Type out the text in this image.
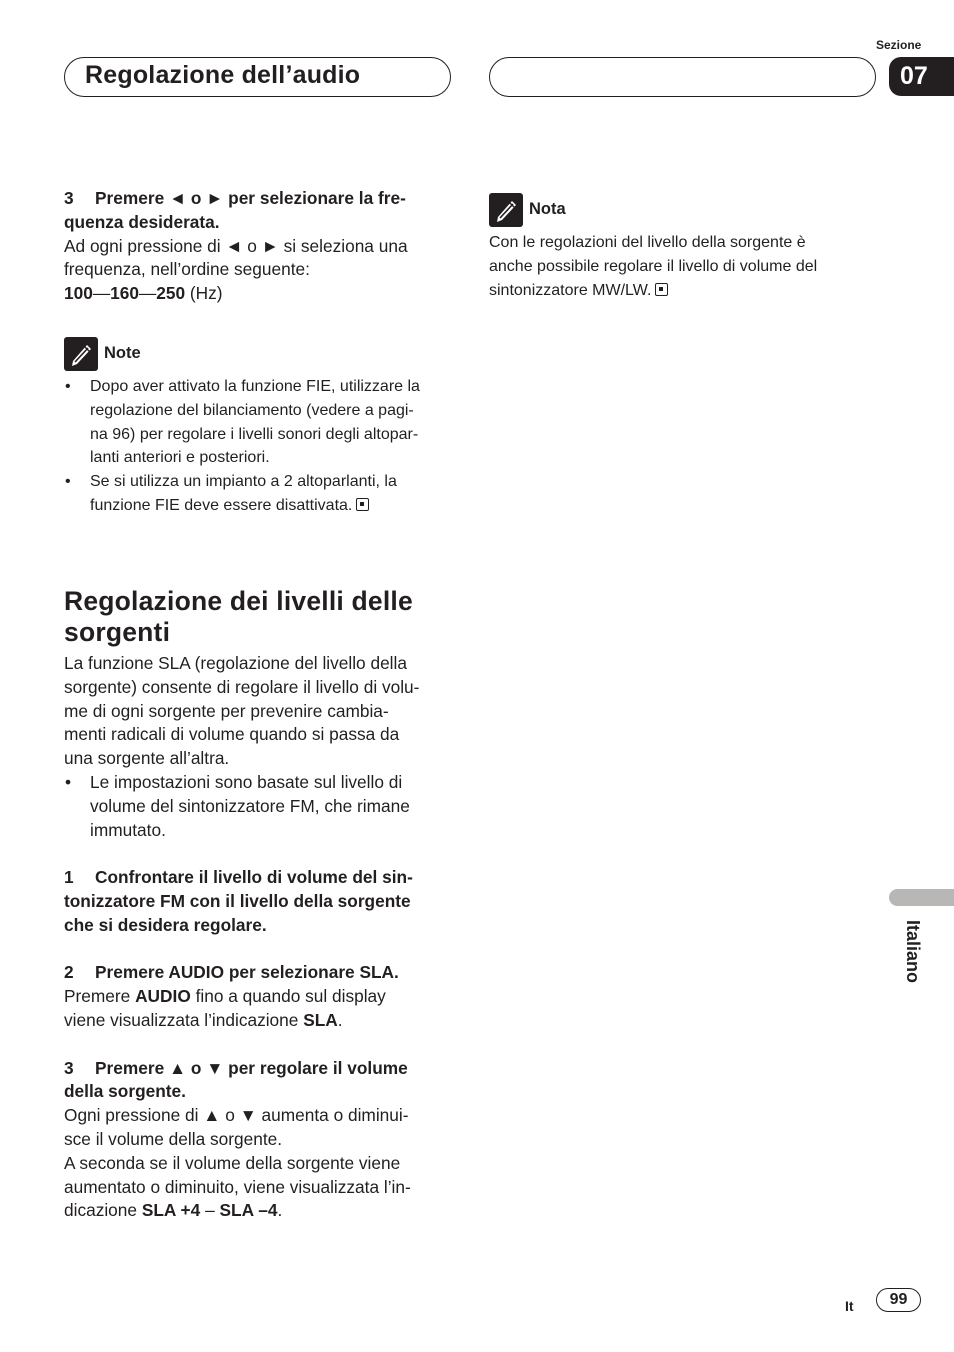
Regolazione dell’audio
Sezione
07

3 Premere ◄ o ► per selezionare la fre-
quenza desiderata.

Ad ogni pressione di ◄ o ► si seleziona una
frequenza, nell’ordine seguente:

100—160—250 (Hz)

Note
• Dopo aver attivato la funzione FIE, utilizzare la
regolazione del bilanciamento (vedere a pagi-
na 96) per regolare i livelli sonori degli altopar-
lanti anteriori e posteriori.
• Se si utilizza un impianto a 2 altoparlanti, la
funzione FIE deve essere disattivata.
Regolazione dei livelli delle
sorgenti

La funzione SLA (regolazione del livello della
sorgente) consente di regolare il livello di volu-
me di ogni sorgente per prevenire cambia-
menti radicali di volume quando si passa da
una sorgente all’altra.

• Le impostazioni sono basate sul livello di
volume del sintonizzatore FM, che rimane
immutato.

1 Confrontare il livello di volume del sin-
tonizzatore FM con il livello della sorgente
che si desidera regolare.

2 Premere AUDIO per selezionare SLA.

Premere AUDIO fino a quando sul display
viene visualizzata l’indicazione SLA.

3 Premere ▲ o ▼ per regolare il volume
della sorgente.

Ogni pressione di ▲ o ▼ aumenta o diminui-
sce il volume della sorgente.
A seconda se il volume della sorgente viene
aumentato o diminuito, viene visualizzata l’in-
dicazione SLA +4 – SLA –4.

Nota

Con le regolazioni del livello della sorgente è
anche possibile regolare il livello di volume del
sintonizzatore MW/LW.

Italiano
It	99
